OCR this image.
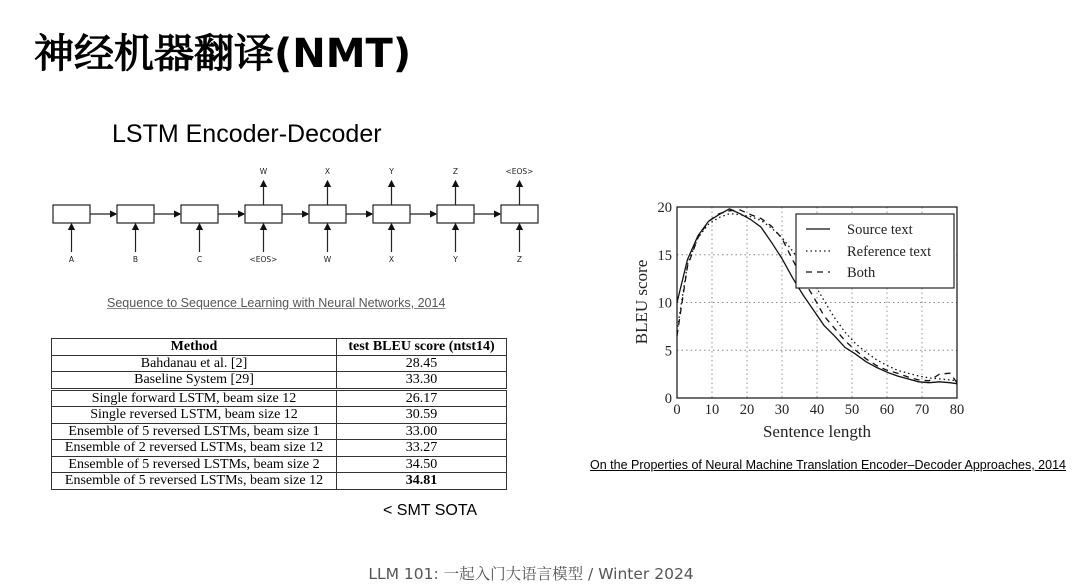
神经机器翻译(NMT)
LSTM Encoder-Decoder
A	B	C	<EOS>
W
W
X
X
Y
Y
Z
Z
<EOS>
Sequence to Sequence Learning with Neural Networks, 2014
Method	test BLEU score (ntst14)
Bahdanau et al. [2]	28.45
Baseline System [29]	33.30
Single forward LSTM, beam size 12	26.17
Single reversed LSTM, beam size 12	30.59
Ensemble of 5 reversed LSTMs, beam size 1	33.00
Ensemble of 2 reversed LSTMs, beam size 12	33.27
Ensemble of 5 reversed LSTMs, beam size 2	34.50
Ensemble of 5 reversed LSTMs, beam size 12	34.81
< SMT SOTA
0 10 20 30 40 50 60 70 80
0
5
10
15
20
Sentence length
BLEU score
Source text
Reference text
Both
On the Properties of Neural Machine Translation Encoder–Decoder Approaches, 2014
LLM 101: 一起入门大语言模型 / Winter 2024
